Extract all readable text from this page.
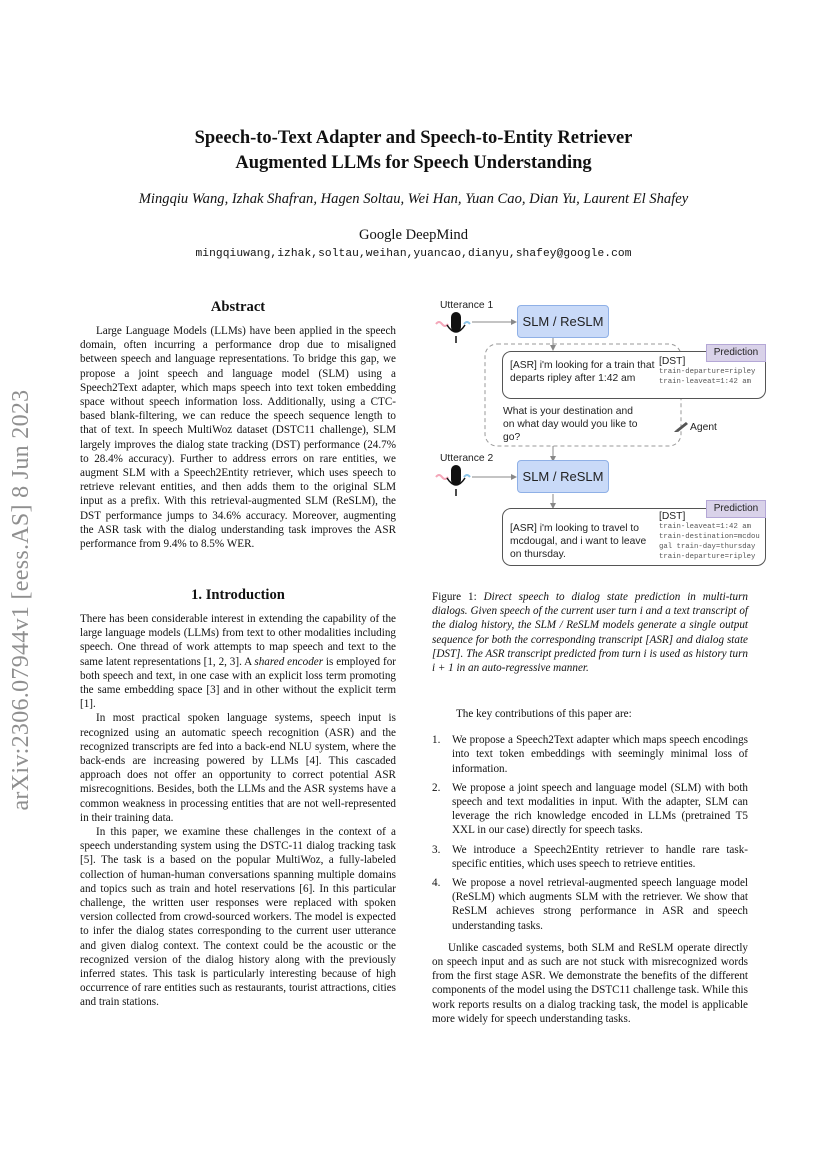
arXiv:2306.07944v1 [eess.AS] 8 Jun 2023
Speech-to-Text Adapter and Speech-to-Entity Retriever
Augmented LLMs for Speech Understanding
Mingqiu Wang, Izhak Shafran, Hagen Soltau, Wei Han, Yuan Cao, Dian Yu, Laurent El Shafey
Google DeepMind
mingqiuwang,izhak,soltau,weihan,yuancao,dianyu,shafey@google.com
Abstract

Large Language Models (LLMs) have been applied in the speech domain, often incurring a performance drop due to misaligned between speech and language representations. To bridge this gap, we propose a joint speech and language model (SLM) using a Speech2Text adapter, which maps speech into text token embedding space without speech information loss. Additionally, using a CTC-based blank-filtering, we can reduce the speech sequence length to that of text. In speech MultiWoz dataset (DSTC11 challenge), SLM largely improves the dialog state tracking (DST) performance (24.7% to 28.4% accuracy). Further to address errors on rare entities, we augment SLM with a Speech2Entity retriever, which uses speech to retrieve relevant entities, and then adds them to the original SLM input as a prefix. With this retrieval-augmented SLM (ReSLM), the DST performance jumps to 34.6% accuracy. Moreover, augmenting the ASR task with the dialog understanding task improves the ASR performance from 9.4% to 8.5% WER.

1. Introduction

There has been considerable interest in extending the capability of the large language models (LLMs) from text to other modalities including speech. One thread of work attempts to map speech and text to the same latent representations [1, 2, 3]. A shared encoder is employed for both speech and text, in one case with an explicit loss term promoting the same embedding space [3] and in other without the explicit term [1].

In most practical spoken language systems, speech input is recognized using an automatic speech recognition (ASR) and the recognized transcripts are fed into a back-end NLU system, where the back-ends are increasing powered by LLMs [4]. This cascaded approach does not offer an opportunity to correct potential ASR misrecognitions. Besides, both the LLMs and the ASR systems have a common weakness in processing entities that are not well-represented in their training data.

In this paper, we examine these challenges in the context of a speech understanding system using the DSTC-11 dialog tracking task [5]. The task is a based on the popular MultiWoz, a fully-labeled collection of human-human conversations spanning multiple domains and topics such as train and hotel reservations [6]. In this particular challenge, the written user responses were replaced with spoken version collected from crowd-sourced workers. The model is expected to infer the dialog states corresponding to the current user utterance and given dialog context. The context could be the acoustic or the recognized version of the dialog history along with the previously inferred states. This task is particularly interesting because of high occurrence of rare entities such as restaurants, tourist attractions, cities and train stations.

Utterance 1
SLM / ReSLM
Prediction
[ASR] i'm looking for a train that departs ripley after 1:42 am
[DST]
train-departure=ripley
train-leaveat=1:42 am
What is your destination and on what day would you like to go?
Agent
Utterance 2
SLM / ReSLM
Prediction
[ASR] i'm looking to travel to mcdougal, and i want to leave on thursday.
[DST]
train-leaveat=1:42 am
train-destination=mcdou
gal train-day=thursday
train-departure=ripley
Figure 1: Direct speech to dialog state prediction in multi-turn dialogs. Given speech of the current user turn i and a text transcript of the dialog history, the SLM / ReSLM models generate a single output sequence for both the corresponding transcript [ASR] and dialog state [DST]. The ASR transcript predicted from turn i is used as history turn i + 1 in an auto-regressive manner.

The key contributions of this paper are:

1. We propose a Speech2Text adapter which maps speech encodings into text token embeddings with seemingly minimal loss of information.
2. We propose a joint speech and language model (SLM) with both speech and text modalities in input. With the adapter, SLM can leverage the rich knowledge encoded in LLMs (pretrained T5 XXL in our case) directly for speech tasks.
3. We introduce a Speech2Entity retriever to handle rare task-specific entities, which uses speech to retrieve entities.
4. We propose a novel retrieval-augmented speech language model (ReSLM) which augments SLM with the retriever. We show that ReSLM achieves strong performance in ASR and speech understanding tasks.

Unlike cascaded systems, both SLM and ReSLM operate directly on speech input and as such are not stuck with misrecognized words from the first stage ASR. We demonstrate the benefits of the different components of the model using the DSTC11 challenge task. While this work reports results on a dialog tracking task, the model is applicable more widely for speech understanding tasks.
